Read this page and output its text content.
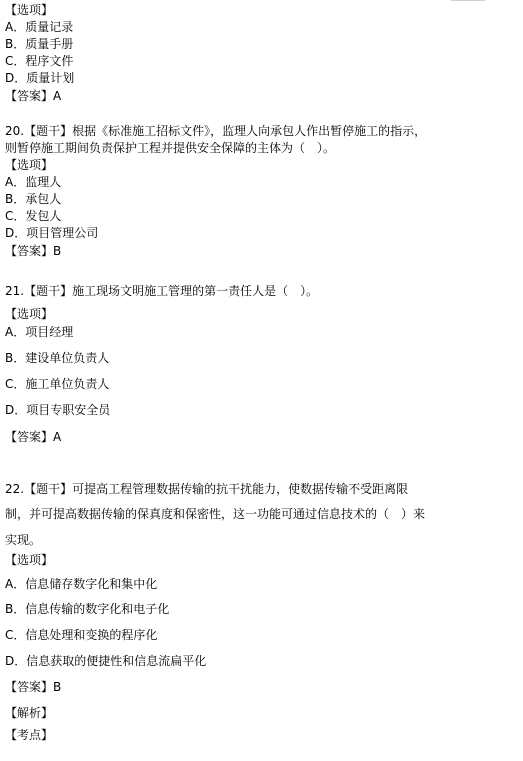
【选项】
A．质量记录
B．质量手册
C．程序文件
D．质量计划
【答案】A
20.【题干】根据《标准施工招标文件》，监理人向承包人作出暂停施工的指示，
则暂停施工期间负责保护工程并提供安全保障的主体为（　）。
【选项】
A．监理人
B．承包人
C．发包人
D．项目管理公司
【答案】B
21.【题干】施工现场文明施工管理的第一责任人是（　）。
【选项】
A．项目经理
B．建设单位负责人
C．施工单位负责人
D．项目专职安全员
【答案】A
22.【题干】可提高工程管理数据传输的抗干扰能力，使数据传输不受距离限
制，并可提高数据传输的保真度和保密性，这一功能可通过信息技术的（　）来
实现。
【选项】
A．信息储存数字化和集中化
B．信息传输的数字化和电子化
C．信息处理和变换的程序化
D．信息获取的便捷性和信息流扁平化
【答案】B
【解析】
【考点】
